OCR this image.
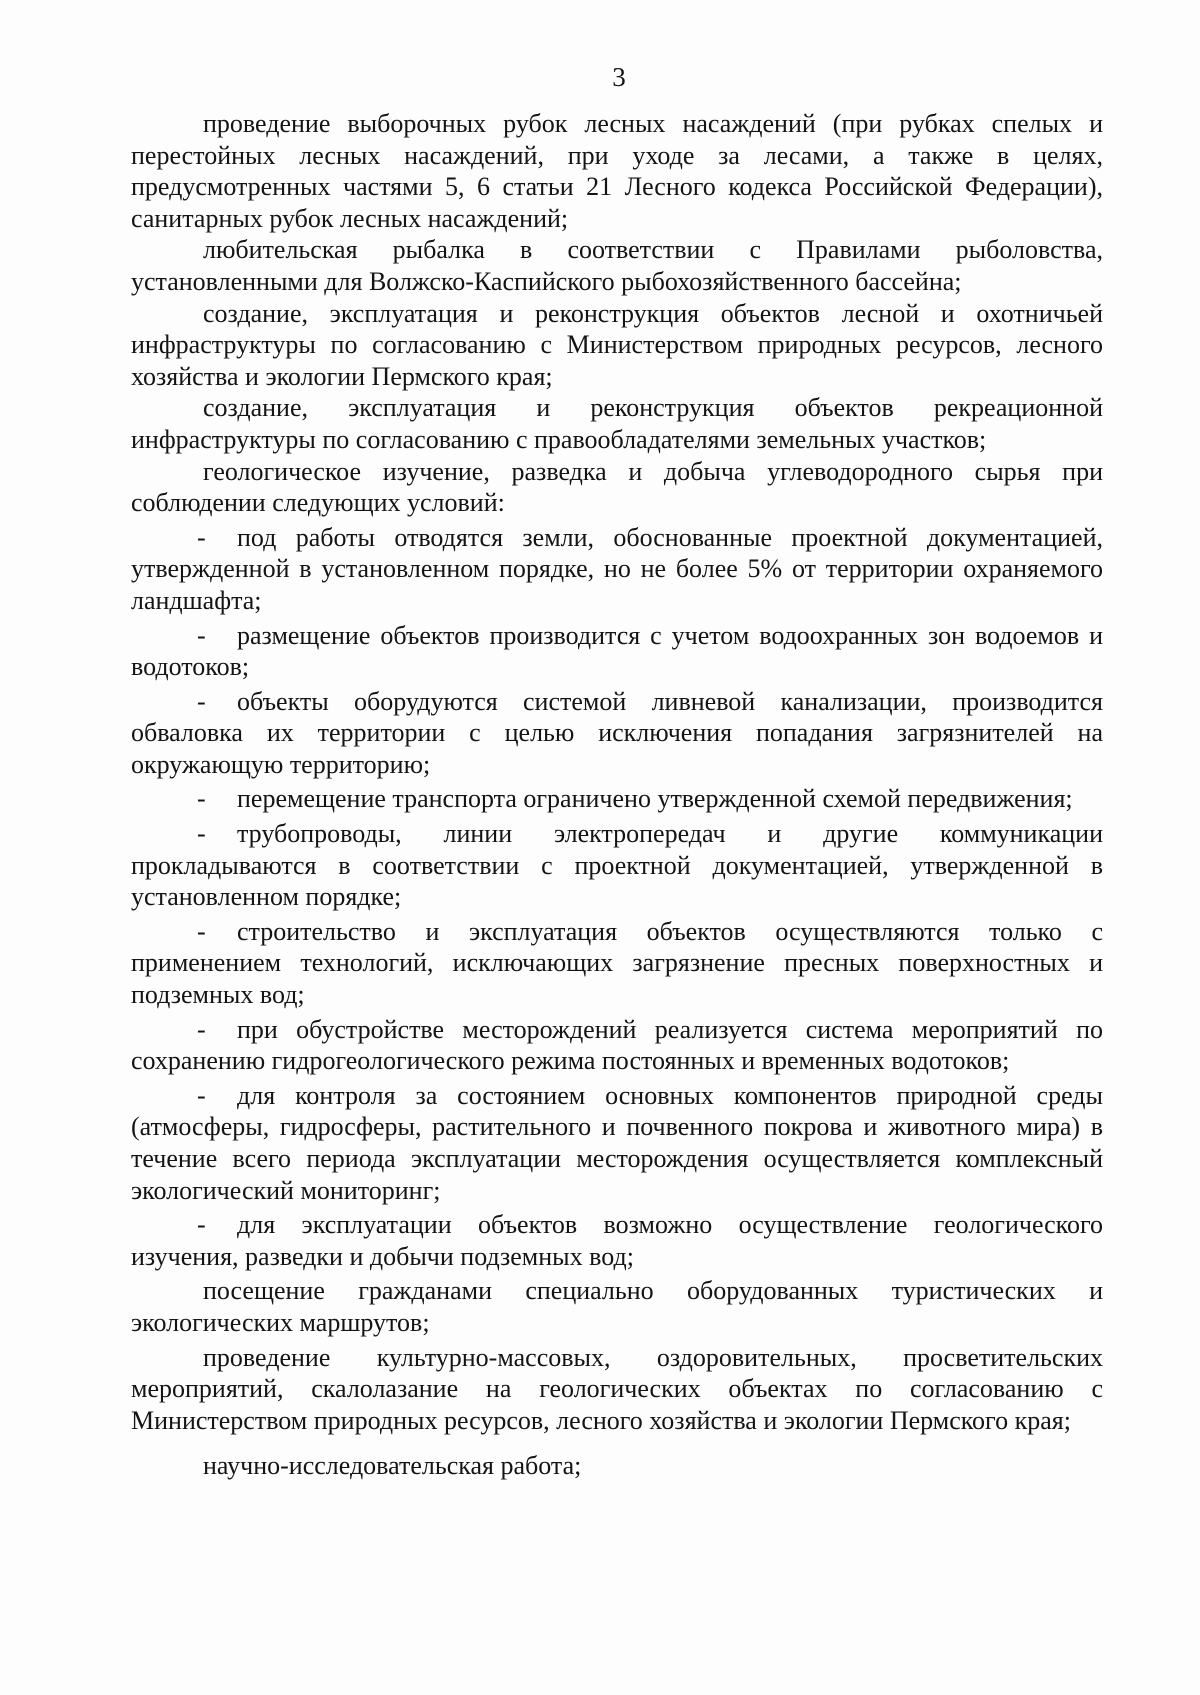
3

проведение выборочных рубок лесных насаждений (при рубках спелых и перестойных лесных насаждений, при уходе за лесами, а также в целях, предусмотренных частями 5, 6 статьи 21 Лесного кодекса Российской Федерации), санитарных рубок лесных насаждений;

любительская рыбалка в соответствии с Правилами рыболовства, установленными для Волжско-Каспийского рыбохозяйственного бассейна;

создание, эксплуатация и реконструкция объектов лесной и охотничьей инфраструктуры по согласованию с Министерством природных ресурсов, лесного хозяйства и экологии Пермского края;

создание, эксплуатация и реконструкция объектов рекреационной инфраструктуры по согласованию с правообладателями земельных участков;

геологическое изучение, разведка и добыча углеводородного сырья при соблюдении следующих условий:

- под работы отводятся земли, обоснованные проектной документацией, утвержденной в установленном порядке, но не более 5% от территории охраняемого ландшафта;

- размещение объектов производится с учетом водоохранных зон водоемов и водотоков;

- объекты оборудуются системой ливневой канализации, производится обваловка их территории с целью исключения попадания загрязнителей на окружающую территорию;

- перемещение транспорта ограничено утвержденной схемой передвижения;

- трубопроводы, линии электропередач и другие коммуникации прокладываются в соответствии с проектной документацией, утвержденной в установленном порядке;

- строительство и эксплуатация объектов осуществляются только с применением технологий, исключающих загрязнение пресных поверхностных и подземных вод;

- при обустройстве месторождений реализуется система мероприятий по сохранению гидрогеологического режима постоянных и временных водотоков;

- для контроля за состоянием основных компонентов природной среды (атмосферы, гидросферы, растительного и почвенного покрова и животного мира) в течение всего периода эксплуатации месторождения осуществляется комплексный экологический мониторинг;

- для эксплуатации объектов возможно осуществление геологического изучения, разведки и добычи подземных вод;

посещение гражданами специально оборудованных туристических и экологических маршрутов;

проведение культурно-массовых, оздоровительных, просветительских мероприятий, скалолазание на геологических объектах по согласованию с Министерством природных ресурсов, лесного хозяйства и экологии Пермского края;

научно-исследовательская работа;
